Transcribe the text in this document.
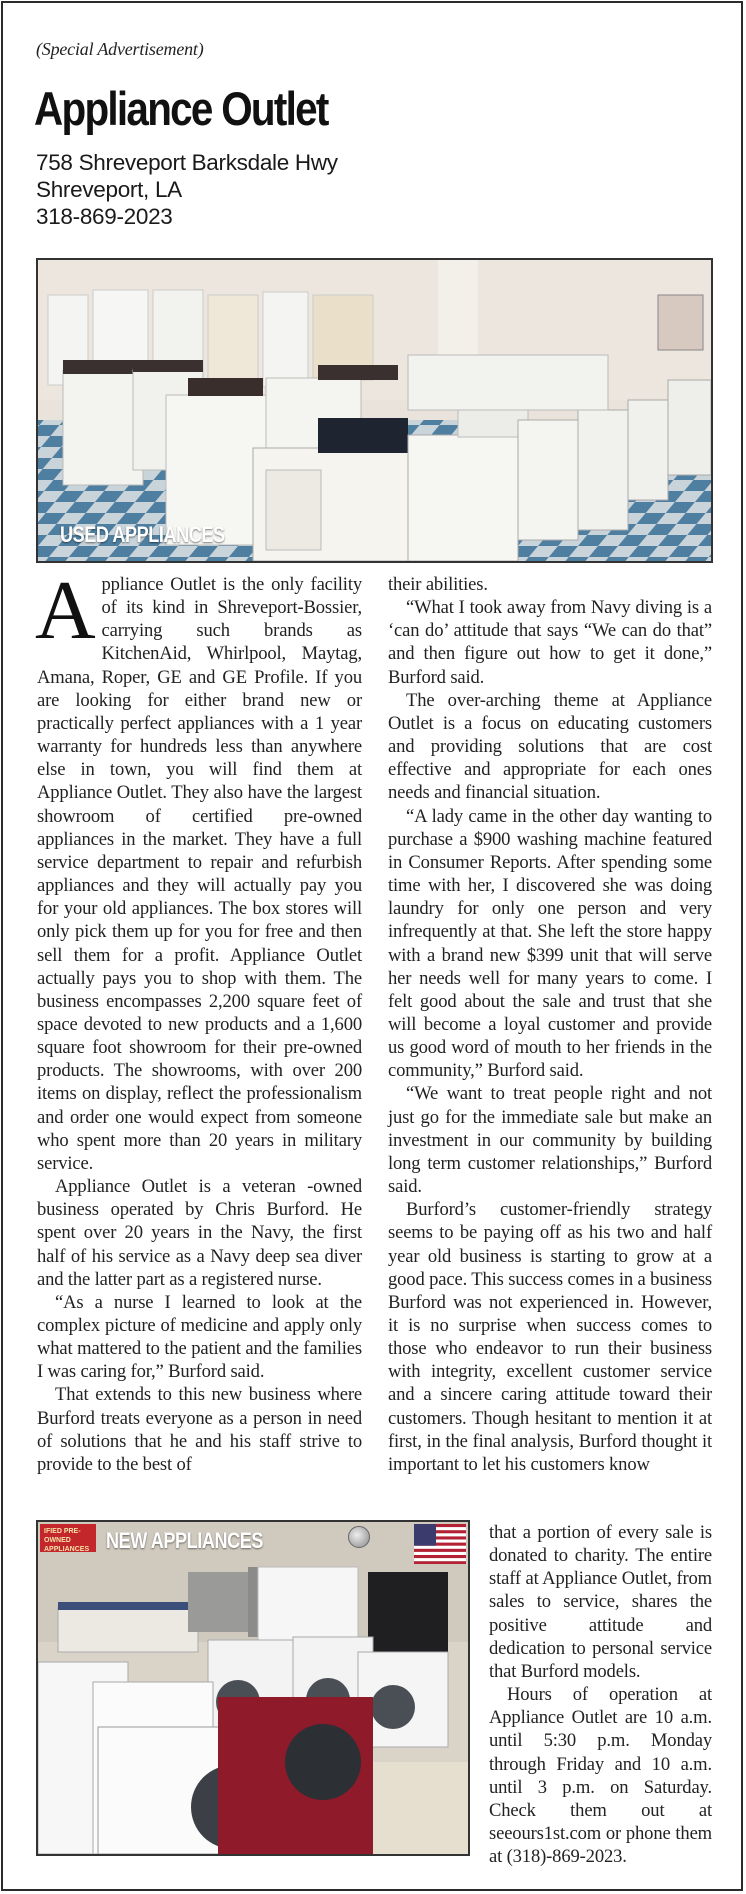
(Special Advertisement)
Appliance Outlet
758 Shreveport Barksdale Hwy
Shreveport, LA
318-869-2023
USED APPLIANCES

Appliance Outlet is the only facility of its kind in Shreveport-Bossier, carrying such brands as KitchenAid, Whirlpool, Maytag, Amana, Roper, GE and GE Profile. If you are looking for either brand new or practically perfect appliances with a 1 year warranty for hundreds less than anywhere else in town, you will find them at Appliance Outlet. They also have the largest showroom of certified pre-owned appliances in the market. They have a full service department to repair and refurbish appliances and they will actually pay you for your old appliances. The box stores will only pick them up for you for free and then sell them for a profit. Appliance Outlet actually pays you to shop with them. The business encompasses 2,200 square feet of space devoted to new products and a 1,600 square foot showroom for their pre-owned products. The showrooms, with over 200 items on display, reflect the professionalism and order one would expect from someone who spent more than 20 years in military service.

Appliance Outlet is a veteran -owned business operated by Chris Burford. He spent over 20 years in the Navy, the first half of his service as a Navy deep sea diver and the latter part as a registered nurse.

“As a nurse I learned to look at the complex picture of medicine and apply only what mattered to the patient and the families I was caring for,” Burford said.

That extends to this new business where Burford treats everyone as a person in need of solutions that he and his staff strive to provide to the best of

their abilities.

“What I took away from Navy diving is a ‘can do’ attitude that says “We can do that” and then figure out how to get it done,” Burford said.

The over-arching theme at Appliance Outlet is a focus on educating customers and providing solutions that are cost effective and appropriate for each ones needs and financial situation.

“A lady came in the other day wanting to purchase a $900 washing machine featured in Consumer Reports. After spending some time with her, I discovered she was doing laundry for only one person and very infrequently at that. She left the store happy with a brand new $399 unit that will serve her needs well for many years to come. I felt good about the sale and trust that she will become a loyal customer and provide us good word of mouth to her friends in the community,” Burford said.

“We want to treat people right and not just go for the immediate sale but make an investment in our community by building long term customer relationships,” Burford said.

Burford’s customer-friendly strategy seems to be paying off as his two and half year old business is starting to grow at a good pace. This success comes in a business Burford was not experienced in. However, it is no surprise when success comes to those who endeavor to run their business with integrity, excellent customer service and a sincere caring attitude toward their customers. Though hesitant to mention it at first, in the final analysis, Burford thought it important to let his customers know

IFIED PRE-OWNED APPLIANCES NEW APPLIANCES	that a portion of every sale is donated to charity. The entire staff at Appliance Outlet, from sales to service, shares the positive attitude and dedication to personal service that Burford models.

Hours of operation at Appliance Outlet are 10 a.m. until 5:30 p.m. Monday through Friday and 10 a.m. until 3 p.m. on Saturday. Check them out at seeours1st.com or phone them at (318)-869-2023.
